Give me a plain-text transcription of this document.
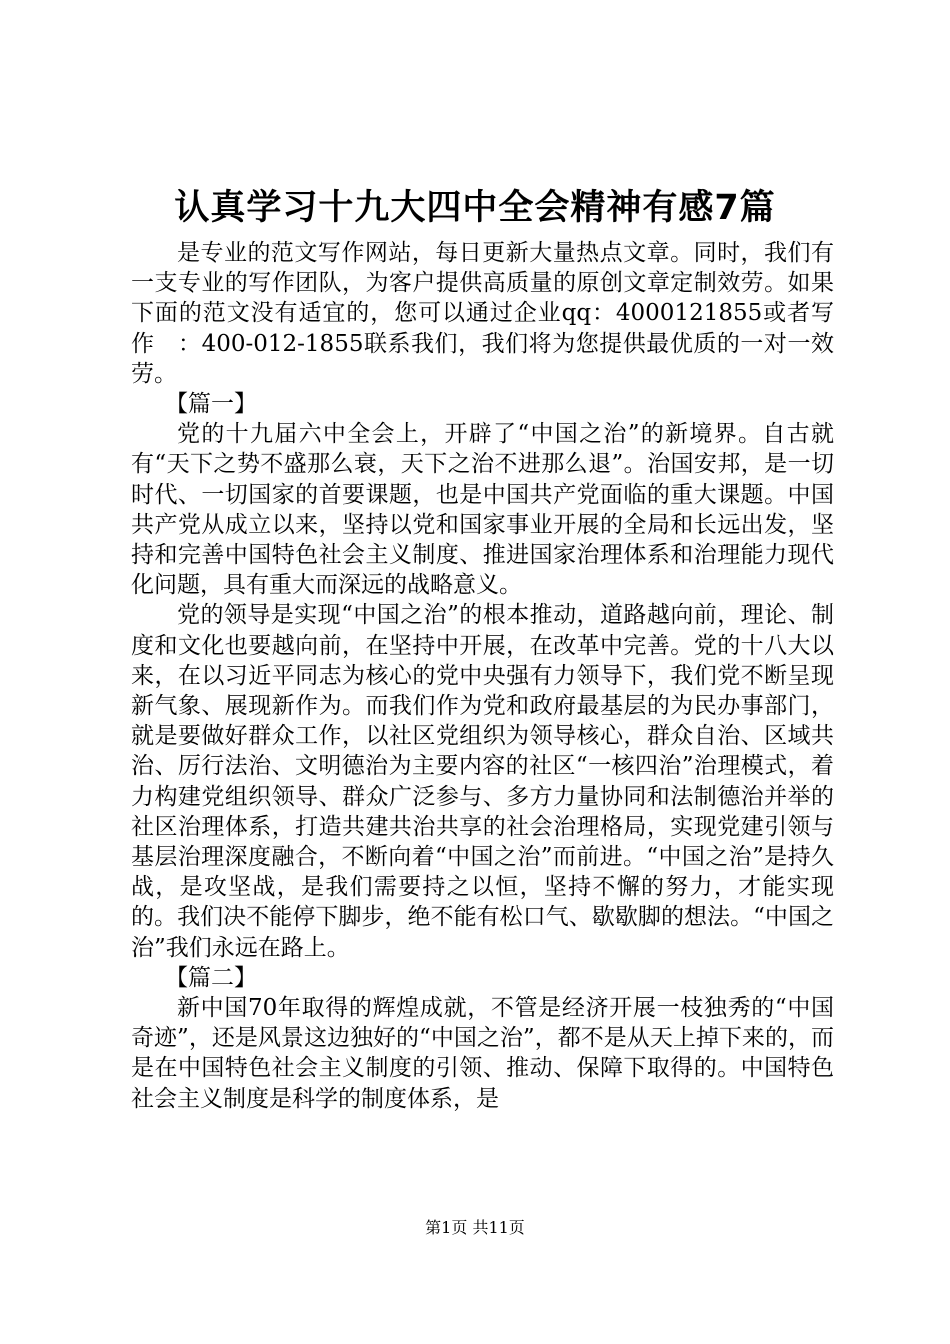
认真学习十九大四中全会精神有感7篇

是专业的范文写作网站，每日更新大量热点文章。同时，我们有一支专业的写作团队，为客户提供高质量的原创文章定制效劳。如果下面的范文没有适宜的，您可以通过企业qq：4000121855或者写作　：400-012-1855联系我们，我们将为您提供最优质的一对一效劳。

【篇一】

党的十九届六中全会上，开辟了“中国之治”的新境界。自古就有“天下之势不盛那么衰，天下之治不进那么退”。治国安邦，是一切时代、一切国家的首要课题，也是中国共产党面临的重大课题。中国共产党从成立以来，坚持以党和国家事业开展的全局和长远出发，坚持和完善中国特色社会主义制度、推进国家治理体系和治理能力现代化问题，具有重大而深远的战略意义。

党的领导是实现“中国之治”的根本推动，道路越向前，理论、制度和文化也要越向前，在坚持中开展，在改革中完善。党的十八大以来，在以习近平同志为核心的党中央强有力领导下，我们党不断呈现新气象、展现新作为。而我们作为党和政府最基层的为民办事部门，就是要做好群众工作，以社区党组织为领导核心，群众自治、区域共治、厉行法治、文明德治为主要内容的社区“一核四治”治理模式，着力构建党组织领导、群众广泛参与、多方力量协同和法制德治并举的社区治理体系，打造共建共治共享的社会治理格局，实现党建引领与基层治理深度融合，不断向着“中国之治”而前进。“中国之治”是持久战，是攻坚战，是我们需要持之以恒，坚持不懈的努力，才能实现的。我们决不能停下脚步，绝不能有松口气、歇歇脚的想法。“中国之治”我们永远在路上。

【篇二】

新中国70年取得的辉煌成就，不管是经济开展一枝独秀的“中国奇迹”，还是风景这边独好的“中国之治”，都不是从天上掉下来的，而是在中国特色社会主义制度的引领、推动、保障下取得的。中国特色社会主义制度是科学的制度体系，是

第1页 共11页
